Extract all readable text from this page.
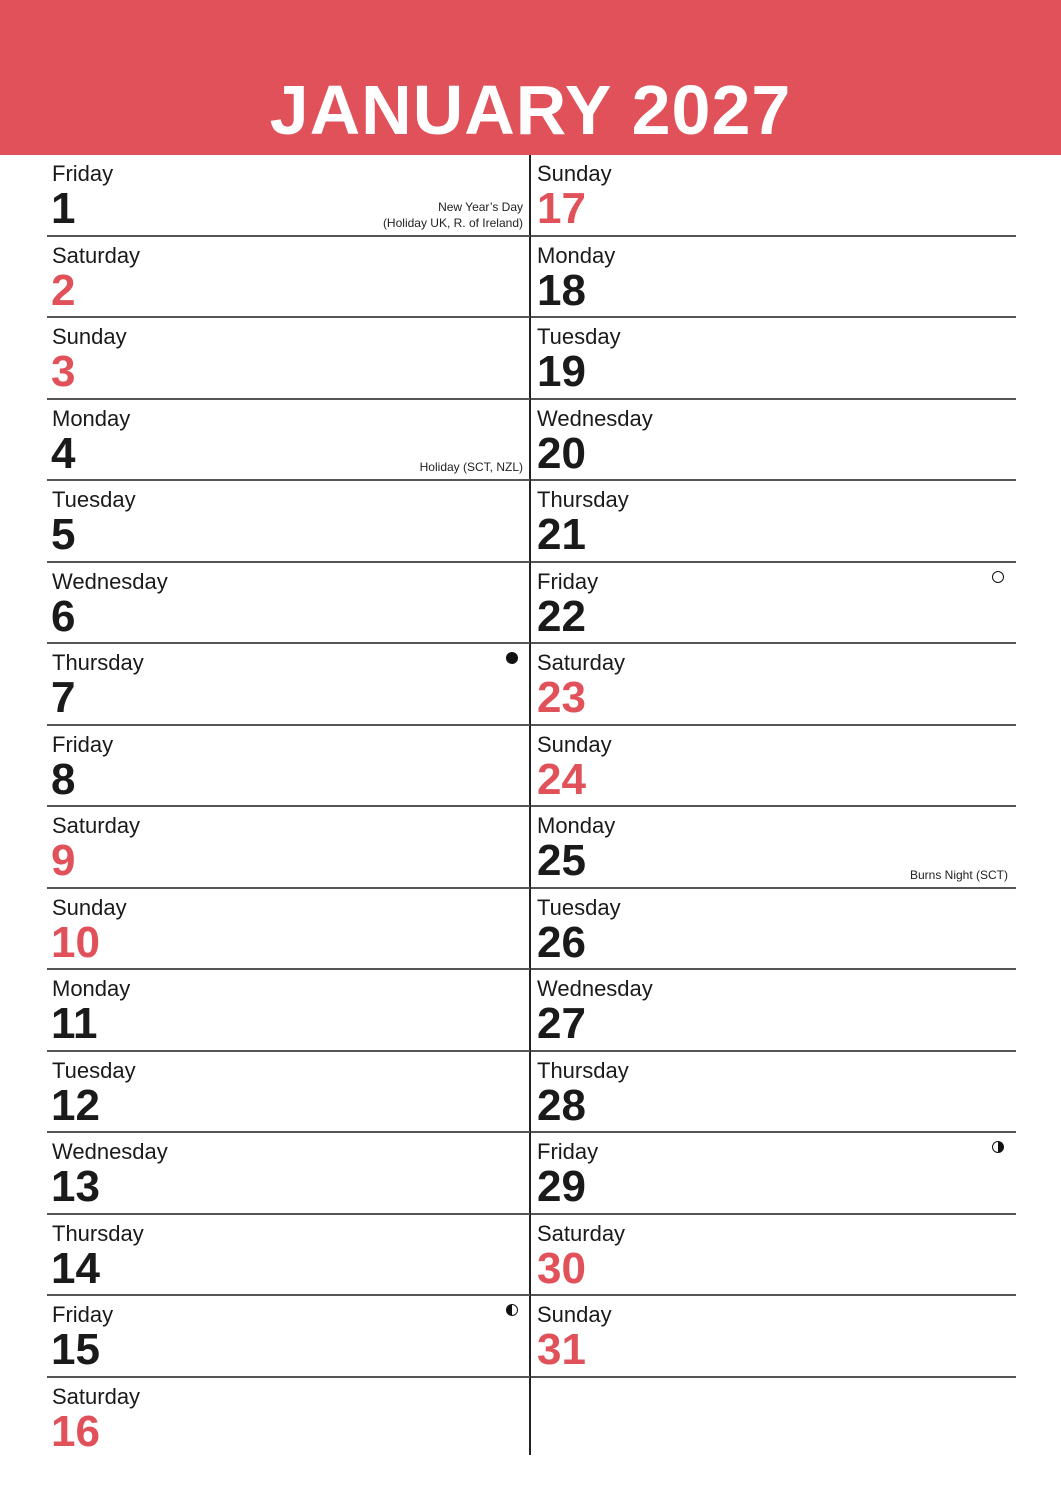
JANUARY 2027
Friday
1	New Year’s Day
(Holiday UK, R. of Ireland)
Saturday
2
Sunday
3
Monday
4	Holiday (SCT, NZL)
Tuesday
5
Wednesday
6
Thursday
7
Friday
8
Saturday
9
Sunday
10
Monday
11
Tuesday
12
Wednesday
13
Thursday
14
Friday
15
Saturday
16
Sunday
17
Monday
18
Tuesday
19
Wednesday
20
Thursday
21
Friday
22
Saturday
23
Sunday
24
Monday
25	Burns Night (SCT)
Tuesday
26
Wednesday
27
Thursday
28
Friday
29
Saturday
30
Sunday
31
